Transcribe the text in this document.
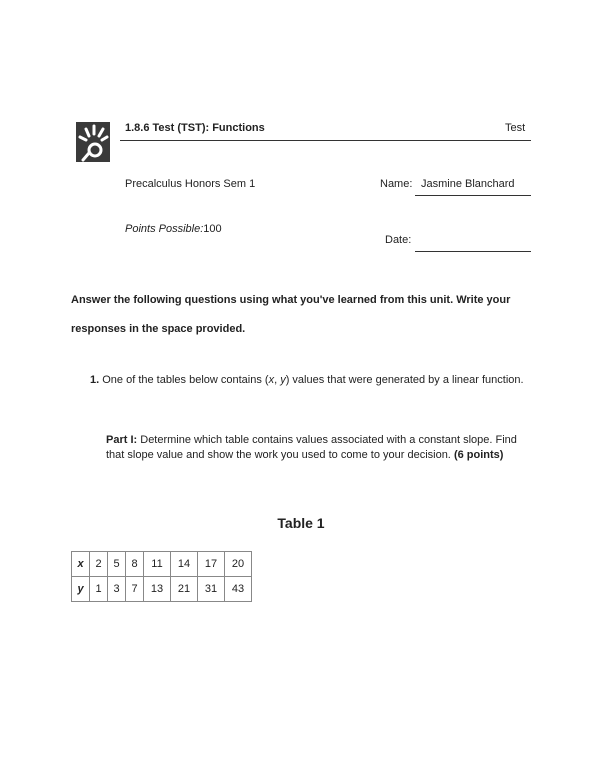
1.8.6 Test (TST): Functions	Test
Precalculus Honors Sem 1	Name: Jasmine Blanchard
Points Possible:100
Date:
Answer the following questions using what you've learned from this unit. Write your responses in the space provided.
1. One of the tables below contains (x, y) values that were generated by a linear function.
Part I: Determine which table contains values associated with a constant slope. Find that slope value and show the work you used to come to your decision. (6 points)
Table 1
x	2	5	8	11	14	17	20
y	1	3	7	13	21	31	43
